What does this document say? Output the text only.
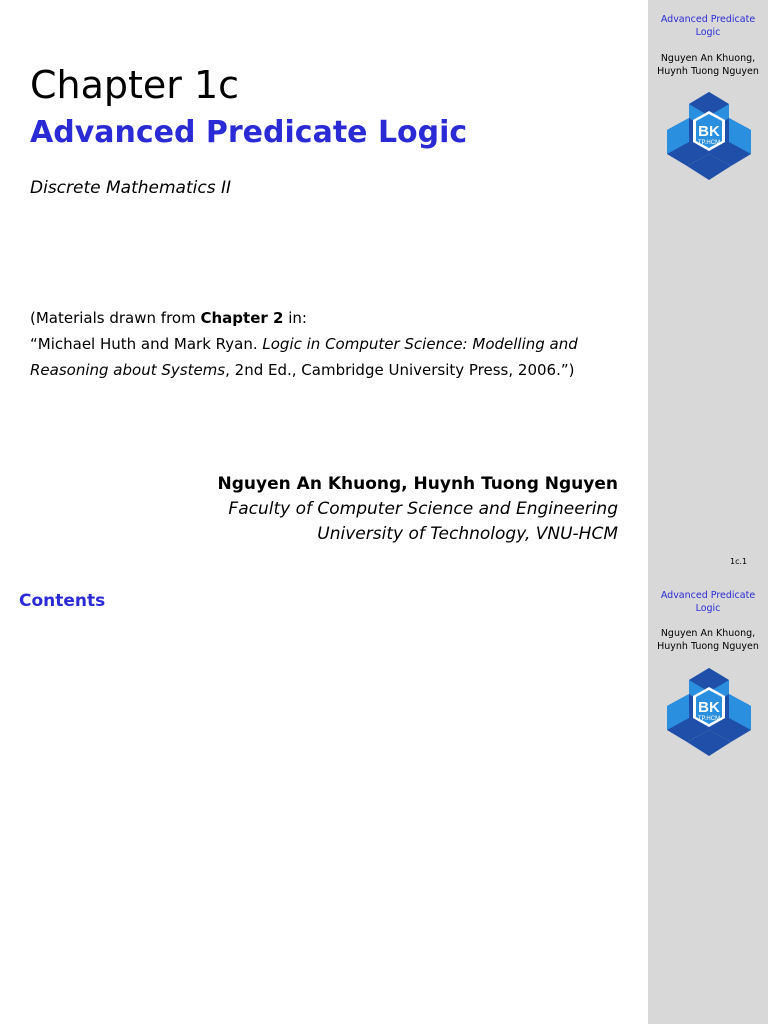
Chapter 1c
Advanced Predicate Logic
Discrete Mathematics II
(Materials drawn from Chapter 2 in:
“Michael Huth and Mark Ryan. Logic in Computer Science: Modelling and
Reasoning about Systems, 2nd Ed., Cambridge University Press, 2006.”)
Nguyen An Khuong, Huynh Tuong Nguyen
Faculty of Computer Science and Engineering
University of Technology, VNU-HCM
Advanced Predicate
Logic
Nguyen An Khuong,
Huynh Tuong Nguyen
BK
TP.HCM
1c.1
Contents	Advanced Predicate
Logic
Nguyen An Khuong,
Huynh Tuong Nguyen
BK
TP.HCM
